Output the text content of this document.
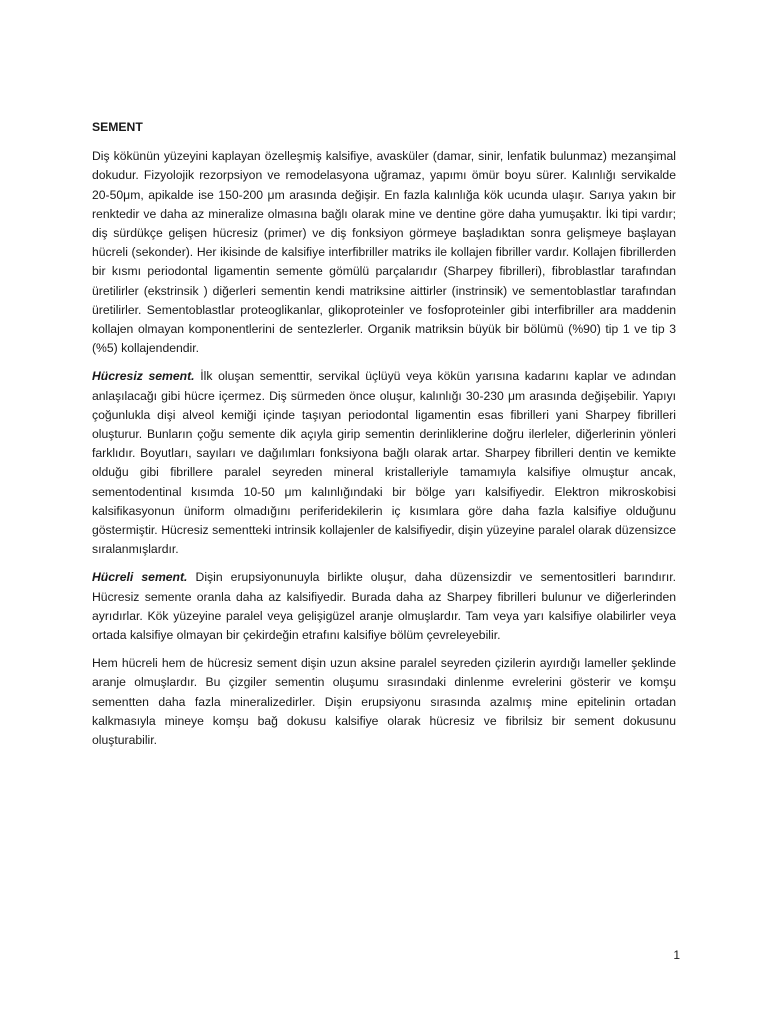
SEMENT

Diş kökünün yüzeyini kaplayan özelleşmiş kalsifiye, avasküler (damar, sinir, lenfatik bulunmaz) mezanşimal dokudur. Fizyolojik rezorpsiyon ve remodelasyona uğramaz, yapımı ömür boyu sürer. Kalınlığı servikalde 20-50μm, apikalde ise 150-200 μm arasında değişir. En fazla kalınlığa kök ucunda ulaşır. Sarıya yakın bir renktedir ve daha az mineralize olmasına bağlı olarak mine ve dentine göre daha yumuşaktır. İki tipi vardır; diş sürdükçe gelişen hücresiz (primer) ve diş fonksiyon görmeye başladıktan sonra gelişmeye başlayan hücreli (sekonder). Her ikisinde de kalsifiye interfibriller matriks ile kollajen fibriller vardır. Kollajen fibrillerden bir kısmı periodontal ligamentin semente gömülü parçalarıdır (Sharpey fibrilleri), fibroblastlar tarafından üretilirler (ekstrinsik ) diğerleri sementin kendi matriksine aittirler (instrinsik) ve sementoblastlar tarafından üretilirler. Sementoblastlar proteoglikanlar, glikoproteinler ve fosfoproteinler gibi interfibriller ara maddenin kollajen olmayan komponentlerini de sentezlerler. Organik matriksin büyük bir bölümü (%90) tip 1 ve tip 3 (%5) kollajendendir.

Hücresiz sement. İlk oluşan sementtir, servikal üçlüyü veya kökün yarısına kadarını kaplar ve adından anlaşılacağı gibi hücre içermez. Diş sürmeden önce oluşur, kalınlığı 30-230 μm arasında değişebilir. Yapıyı çoğunlukla dişi alveol kemiği içinde taşıyan periodontal ligamentin esas fibrilleri yani Sharpey fibrilleri oluşturur. Bunların çoğu semente dik açıyla girip sementin derinliklerine doğru ilerleler, diğerlerinin yönleri farklıdır. Boyutları, sayıları ve dağılımları fonksiyona bağlı olarak artar. Sharpey fibrilleri dentin ve kemikte olduğu gibi fibrillere paralel seyreden mineral kristalleriyle tamamıyla kalsifiye olmuştur ancak, sementodentinal kısımda 10-50 μm kalınlığındaki bir bölge yarı kalsifiyedir. Elektron mikroskobisi kalsifikasyonun üniform olmadığını periferidekilerin iç kısımlara göre daha fazla kalsifiye olduğunu göstermiştir. Hücresiz sementteki intrinsik kollajenler de kalsifiyedir, dişin yüzeyine paralel olarak düzensizce sıralanmışlardır.

Hücreli sement. Dişin erupsiyonunuyla birlikte oluşur, daha düzensizdir ve sementositleri barındırır. Hücresiz semente oranla daha az kalsifiyedir. Burada daha az Sharpey fibrilleri bulunur ve diğerlerinden ayrıdırlar. Kök yüzeyine paralel veya gelişigüzel aranje olmuşlardır. Tam veya yarı kalsifiye olabilirler veya ortada kalsifiye olmayan bir çekirdeğin etrafını kalsifiye bölüm çevreleyebilir.

Hem hücreli hem de hücresiz sement dişin uzun aksine paralel seyreden çizilerin ayırdığı lameller şeklinde aranje olmuşlardır. Bu çizgiler sementin oluşumu sırasındaki dinlenme evrelerini gösterir ve komşu sementten daha fazla mineralizedirler. Dişin erupsiyonu sırasında azalmış mine epitelinin ortadan kalkmasıyla mineye komşu bağ dokusu kalsifiye olarak hücresiz ve fibrilsiz bir sement dokusunu oluşturabilir.

1
